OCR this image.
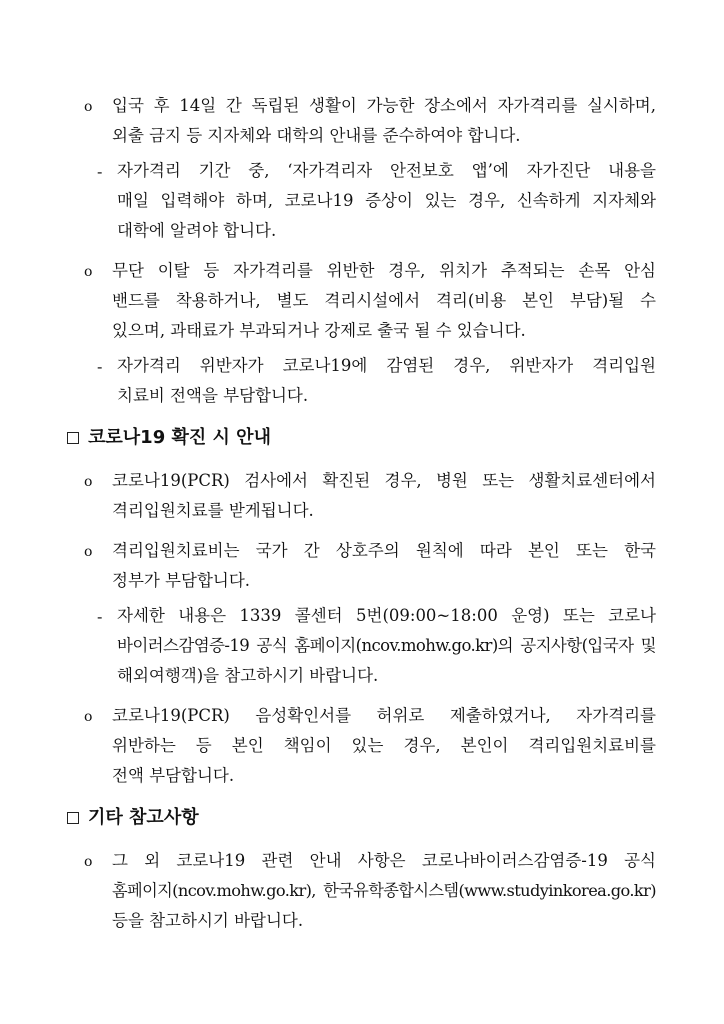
o 입국 후 14일 간 독립된 생활이 가능한 장소에서 자가격리를 실시하며,
외출 금지 등 지자체와 대학의 안내를 준수하여야 합니다.
- 자가격리 기간 중, ‘자가격리자 안전보호 앱’에 자가진단 내용을
매일 입력해야 하며, 코로나19 증상이 있는 경우, 신속하게 지자체와
대학에 알려야 합니다.
o 무단 이탈 등 자가격리를 위반한 경우, 위치가 추적되는 손목 안심
밴드를 착용하거나, 별도 격리시설에서 격리(비용 본인 부담)될 수
있으며, 과태료가 부과되거나 강제로 출국 될 수 있습니다.
- 자가격리 위반자가 코로나19에 감염된 경우, 위반자가 격리입원
치료비 전액을 부담합니다.
코로나19 확진 시 안내
o 코로나19(PCR) 검사에서 확진된 경우, 병원 또는 생활치료센터에서
격리입원치료를 받게됩니다.
o 격리입원치료비는 국가 간 상호주의 원칙에 따라 본인 또는 한국
정부가 부담합니다.
- 자세한 내용은 1339 콜센터 5번(09:00~18:00 운영) 또는 코로나
바이러스감염증-19 공식 홈페이지(ncov.mohw.go.kr)의 공지사항(입국자 및
해외여행객)을 참고하시기 바랍니다.
o 코로나19(PCR) 음성확인서를 허위로 제출하였거나, 자가격리를
위반하는 등 본인 책임이 있는 경우, 본인이 격리입원치료비를
전액 부담합니다.
기타 참고사항
o 그 외 코로나19 관련 안내 사항은 코로나바이러스감염증-19 공식
홈페이지(ncov.mohw.go.kr), 한국유학종합시스템(www.studyinkorea.go.kr)
등을 참고하시기 바랍니다.
